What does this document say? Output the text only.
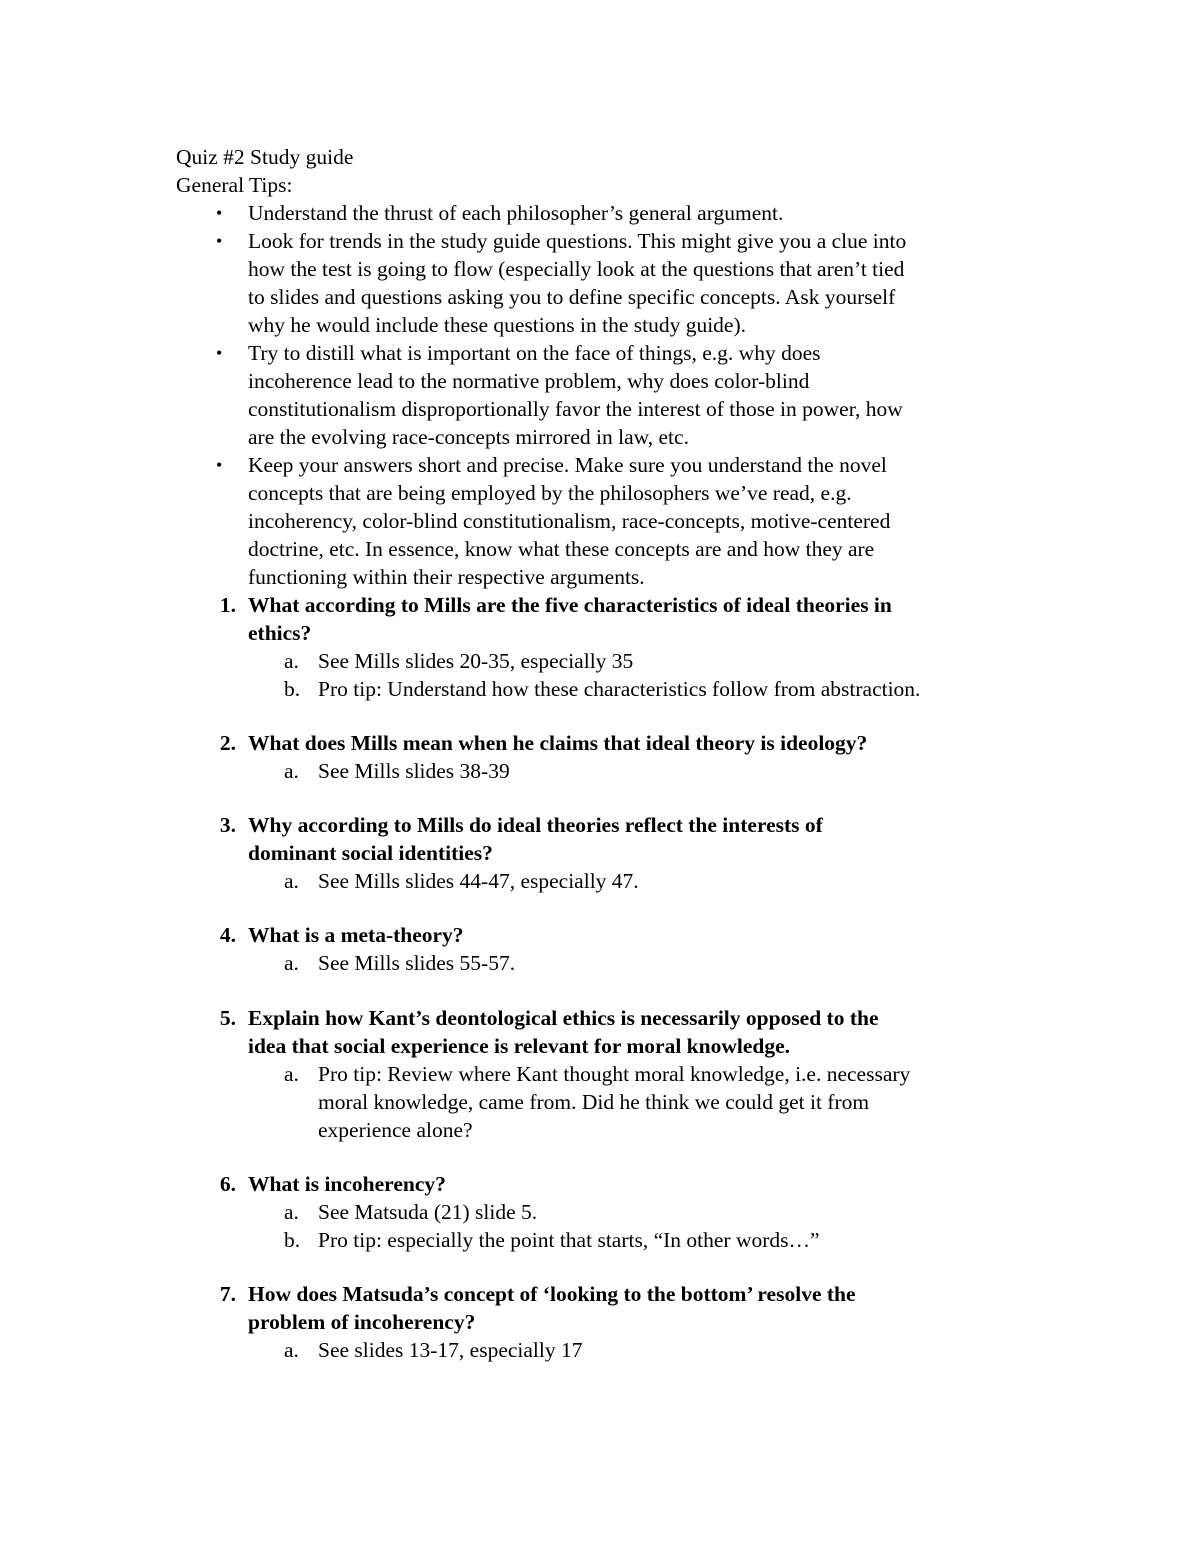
Quiz #2 Study guide
General Tips:
• Understand the thrust of each philosopher’s general argument.
• Look for trends in the study guide questions. This might give you a clue into
how the test is going to flow (especially look at the questions that aren’t tied
to slides and questions asking you to define specific concepts. Ask yourself
why he would include these questions in the study guide).
• Try to distill what is important on the face of things, e.g. why does
incoherence lead to the normative problem, why does color-blind
constitutionalism disproportionally favor the interest of those in power, how
are the evolving race-concepts mirrored in law, etc.
• Keep your answers short and precise. Make sure you understand the novel
concepts that are being employed by the philosophers we’ve read, e.g.
incoherency, color-blind constitutionalism, race-concepts, motive-centered
doctrine, etc. In essence, know what these concepts are and how they are
functioning within their respective arguments.
1. What according to Mills are the five characteristics of ideal theories in
ethics?
a. See Mills slides 20-35, especially 35
b. Pro tip: Understand how these characteristics follow from abstraction.
2. What does Mills mean when he claims that ideal theory is ideology?
a. See Mills slides 38-39
3. Why according to Mills do ideal theories reflect the interests of
dominant social identities?
a. See Mills slides 44-47, especially 47.
4. What is a meta-theory?
a. See Mills slides 55-57.
5. Explain how Kant’s deontological ethics is necessarily opposed to the
idea that social experience is relevant for moral knowledge.
a. Pro tip: Review where Kant thought moral knowledge, i.e. necessary
moral knowledge, came from. Did he think we could get it from
experience alone?
6. What is incoherency?
a. See Matsuda (21) slide 5.
b. Pro tip: especially the point that starts, “In other words…”
7. How does Matsuda’s concept of ‘looking to the bottom’ resolve the
problem of incoherency?
a. See slides 13-17, especially 17
